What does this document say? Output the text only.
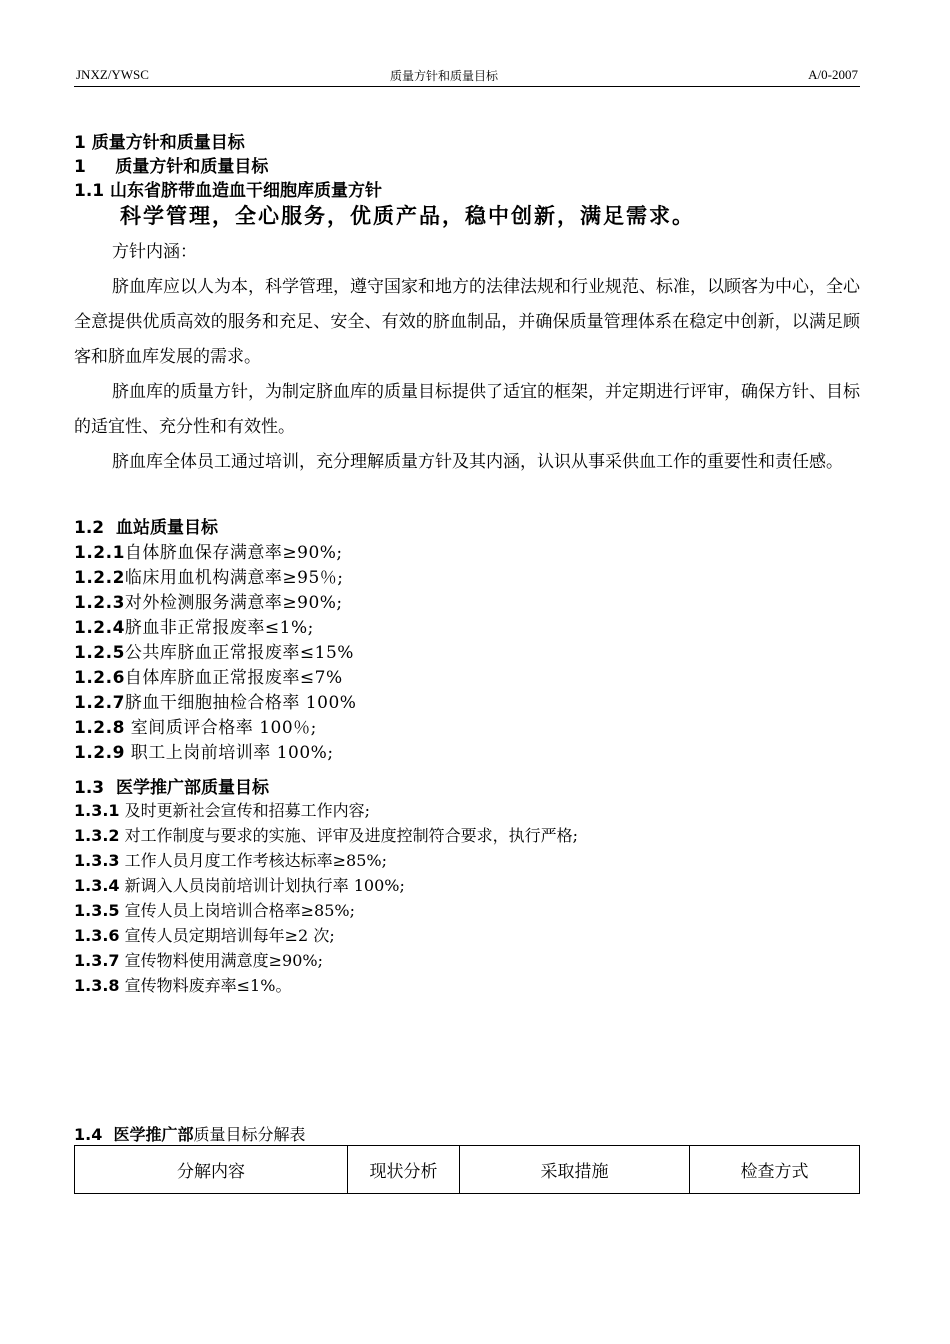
JNXZ/YWSC	质量方针和质量目标	A/0-2007
1 质量方针和质量目标
1     质量方针和质量目标
1.1 山东省脐带血造血干细胞库质量方针
科学管理，全心服务，优质产品，稳中创新，满足需求。
方针内涵：
脐血库应以人为本，科学管理，遵守国家和地方的法律法规和行业规范、标准，以顾客为中心，全心全意提供优质高效的服务和充足、安全、有效的脐血制品，并确保质量管理体系在稳定中创新，以满足顾客和脐血库发展的需求。
脐血库的质量方针，为制定脐血库的质量目标提供了适宜的框架，并定期进行评审，确保方针、目标的适宜性、充分性和有效性。
脐血库全体员工通过培训，充分理解质量方针及其内涵，认识从事采供血工作的重要性和责任感。
1.2  血站质量目标
1.2.1自体脐血保存满意率≥90%;
1.2.2临床用血机构满意率≥95％;
1.2.3对外检测服务满意率≥90%;
1.2.4脐血非正常报废率≤1%;
1.2.5公共库脐血正常报废率≤15%
1.2.6自体库脐血正常报废率≤7%
1.2.7脐血干细胞抽检合格率 100%
1.2.8 室间质评合格率 100％;
1.2.9 职工上岗前培训率 100%;
1.3  医学推广部质量目标
1.3.1 及时更新社会宣传和招募工作内容;
1.3.2 对工作制度与要求的实施、评审及进度控制符合要求，执行严格;
1.3.3 工作人员月度工作考核达标率≥85%;
1.3.4 新调入人员岗前培训计划执行率 100%;
1.3.5 宣传人员上岗培训合格率≥85%;
1.3.6 宣传人员定期培训每年≥2 次;
1.3.7 宣传物料使用满意度≥90%;
1.3.8 宣传物料废弃率≤1%。
1.4  医学推广部质量目标分解表
分解内容	现状分析	采取措施	检查方式
